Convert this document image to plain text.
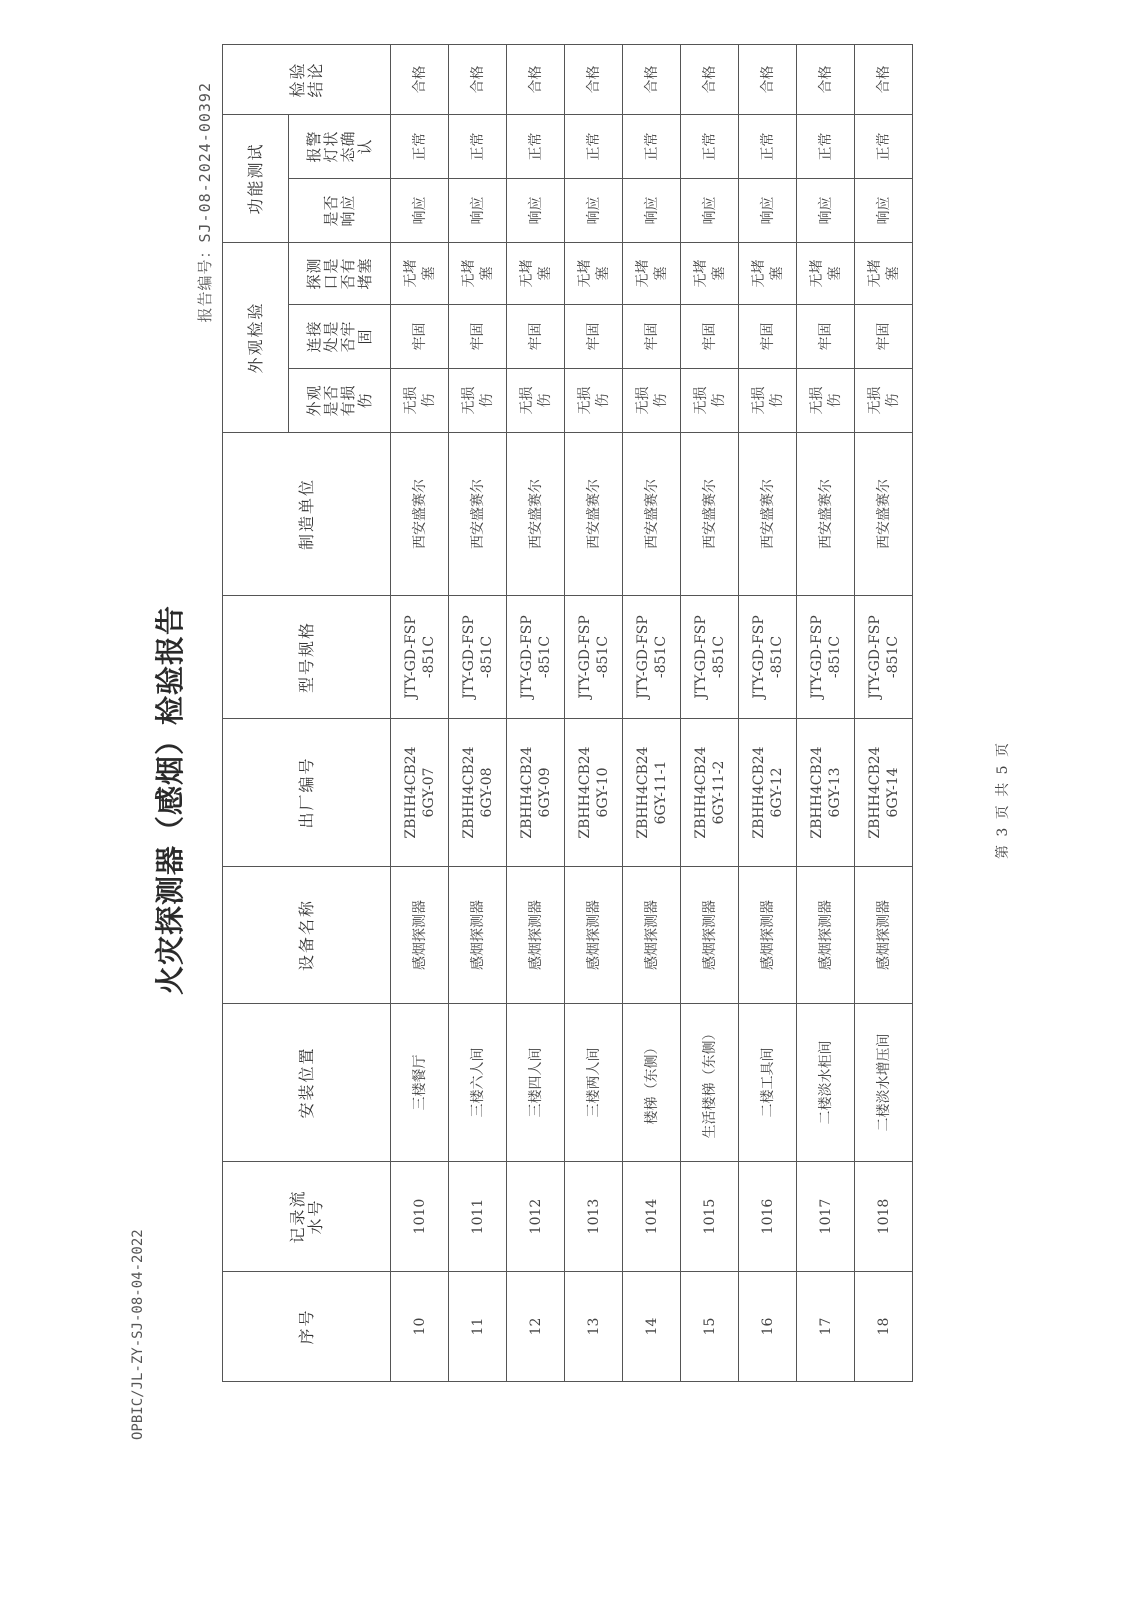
火灾探测器（感烟）检验报告
报告编号：SJ-08-2024-00392
OPBIC/JL-ZY-SJ-08-04-2022	序号	记录流水号	安装位置	设备名称	出厂编号	型号规格	制造单位	外观检验			功能测试		检验结论

							外观是否有损伤	连接处是否牢固	探测口是否有堵塞	是否响应	报警灯状态确认	

10	1010	三楼餐厅	感烟探测器	ZBHH4CB246GY-07	JTY-GD-FSP-851C	西安盛赛尔	无损伤	牢固	无堵塞	响应	正常	合格
11	1011	三楼六人间	感烟探测器	ZBHH4CB246GY-08	JTY-GD-FSP-851C	西安盛赛尔	无损伤	牢固	无堵塞	响应	正常	合格
12	1012	三楼四人间	感烟探测器	ZBHH4CB246GY-09	JTY-GD-FSP-851C	西安盛赛尔	无损伤	牢固	无堵塞	响应	正常	合格
13	1013	三楼两人间	感烟探测器	ZBHH4CB246GY-10	JTY-GD-FSP-851C	西安盛赛尔	无损伤	牢固	无堵塞	响应	正常	合格
14	1014	楼梯（东侧）	感烟探测器	ZBHH4CB246GY-11-1	JTY-GD-FSP-851C	西安盛赛尔	无损伤	牢固	无堵塞	响应	正常	合格
15	1015	生活楼梯（东侧）	感烟探测器	ZBHH4CB246GY-11-2	JTY-GD-FSP-851C	西安盛赛尔	无损伤	牢固	无堵塞	响应	正常	合格
16	1016	二楼工具间	感烟探测器	ZBHH4CB246GY-12	JTY-GD-FSP-851C	西安盛赛尔	无损伤	牢固	无堵塞	响应	正常	合格
17	1017	二楼淡水柜间	感烟探测器	ZBHH4CB246GY-13	JTY-GD-FSP-851C	西安盛赛尔	无损伤	牢固	无堵塞	响应	正常	合格
18	1018	二楼淡水增压间	感烟探测器	ZBHH4CB246GY-14	JTY-GD-FSP-851C	西安盛赛尔	无损伤	牢固	无堵塞	响应	正常	合格
第 3 页 共 5 页
